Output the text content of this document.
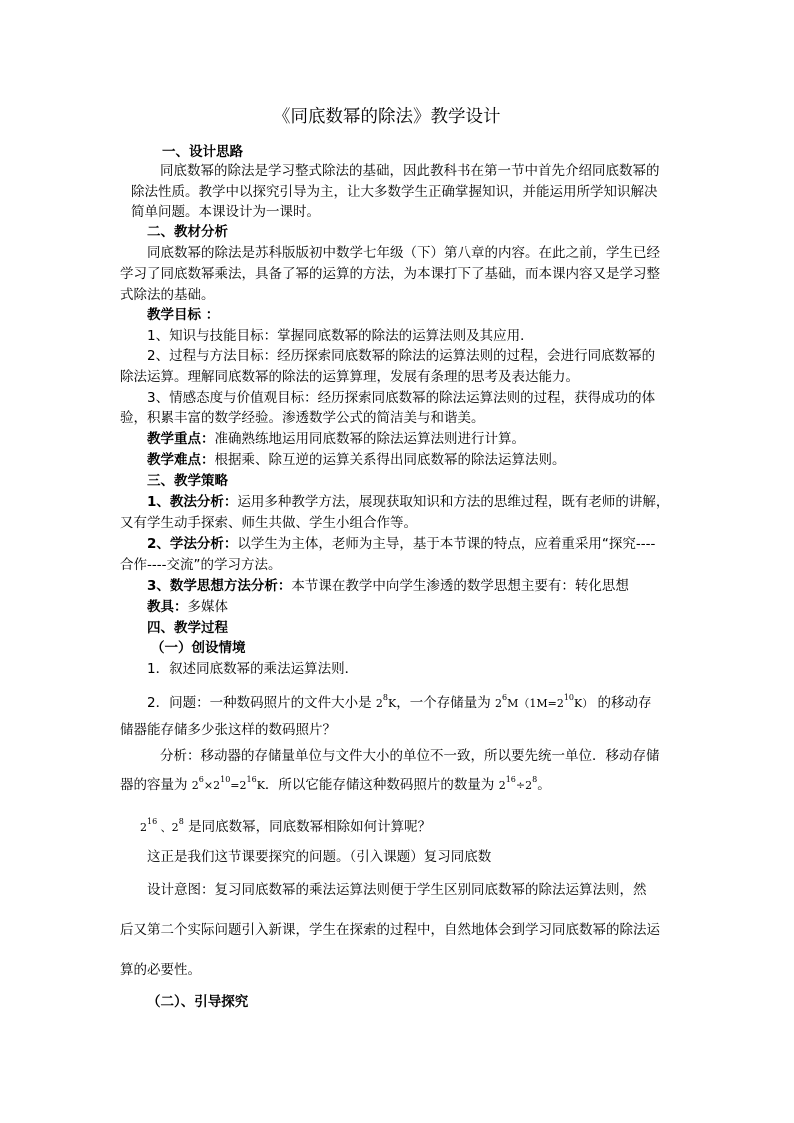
《同底数幂的除法》教学设计
一、设计思路
同底数幂的除法是学习整式除法的基础，因此教科书在第一节中首先介绍同底数幂的
除法性质。教学中以探究引导为主，让大多数学生正确掌握知识，并能运用所学知识解决
简单问题。本课设计为一课时。
二、教材分析
同底数幂的除法是苏科版版初中数学七年级（下）第八章的内容。在此之前，学生已经
学习了同底数幂乘法，具备了幂的运算的方法，为本课打下了基础，而本课内容又是学习整
式除法的基础。
教学目标 ：
1、知识与技能目标：掌握同底数幂的除法的运算法则及其应用．
2、过程与方法目标：经历探索同底数幂的除法的运算法则的过程，会进行同底数幂的
除法运算。理解同底数幂的除法的运算算理，发展有条理的思考及表达能力。
3、情感态度与价值观目标：经历探索同底数幂的除法运算法则的过程，获得成功的体
验，积累丰富的数学经验。渗透数学公式的简洁美与和谐美。
教学重点：准确熟练地运用同底数幂的除法运算法则进行计算。
教学难点：根据乘、除互逆的运算关系得出同底数幂的除法运算法则。
三、教学策略
1、教法分析：运用多种教学方法，展现获取知识和方法的思维过程，既有老师的讲解，
又有学生动手探索、师生共做、学生小组合作等。
2、学法分析：以学生为主体，老师为主导，基于本节课的特点，应着重采用“探究----
合作----交流”的学习方法。
3、数学思想方法分析：本节课在教学中向学生渗透的数学思想主要有：转化思想
教具：多媒体
四、教学过程
（一）创设情境
1．叙述同底数幂的乘法运算法则．
2．问题：一种数码照片的文件大小是 $2^8K$，一个存储量为 $2^6M(1M=2^{10}K)$ 的移动存
储器能存储多少张这样的数码照片？
分析：移动器的存储量单位与文件大小的单位不一致，所以要先统一单位．移动存储
器的容量为 $2^6\times 2^{10}=2^{16}K$．所以它能存储这种数码照片的数量为 $2^{16}\div 2^8$。
$2^{16}$ 、$2^8$ 是同底数幂，同底数幂相除如何计算呢？
这正是我们这节课要探究的问题。（引入课题）复习同底数
设计意图：复习同底数幂的乘法运算法则便于学生区别同底数幂的除法运算法则，然
后又第二个实际问题引入新课，学生在探索的过程中，自然地体会到学习同底数幂的除法运
算的必要性。
（二）、引导探究
